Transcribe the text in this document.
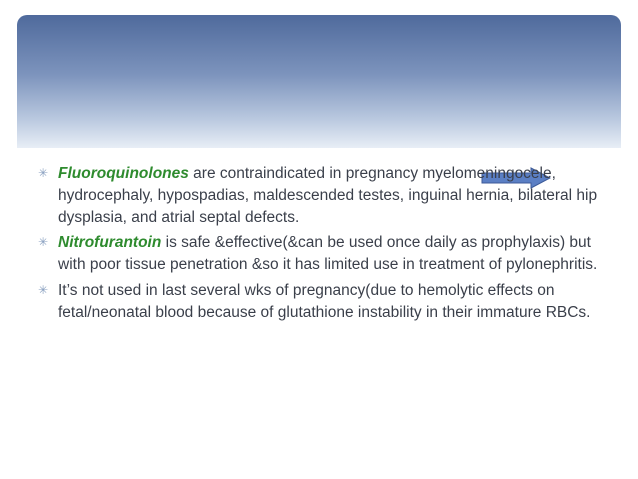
✳ Fluoroquinolones are contraindicated in pregnancy myelomeningocele, hydrocephaly, hypospadias, maldescended testes, inguinal hernia, bilateral hip dysplasia, and atrial septal defects.
✳ Nitrofurantoin is safe &effective(&can be used once daily as prophylaxis) but with poor tissue penetration &so it has limited use in treatment of pylonephritis.
✳ It’s not used in last several wks of pregnancy(due to hemolytic effects on fetal/neonatal blood because of glutathione instability in their immature RBCs.
